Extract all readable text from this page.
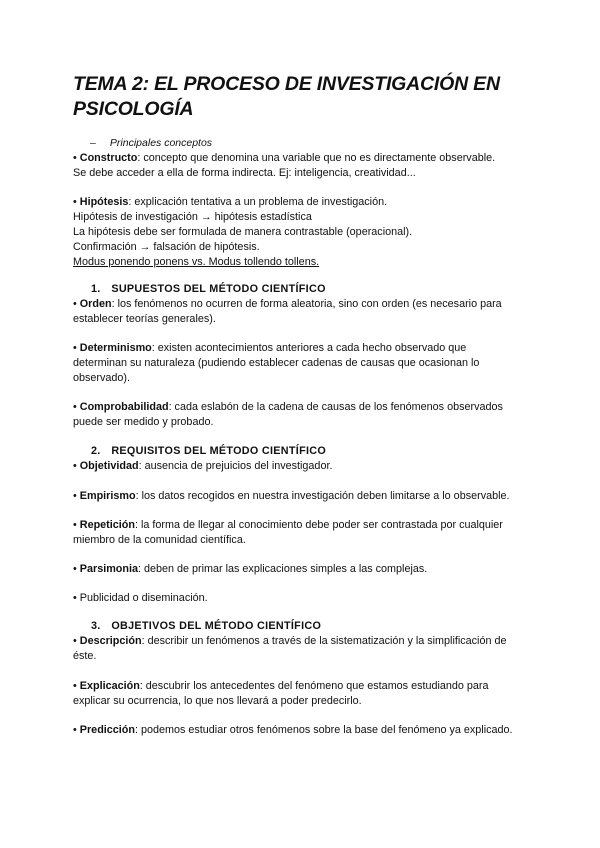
TEMA 2: EL PROCESO DE INVESTIGACIÓN EN
PSICOLOGÍA
– Principales conceptos

• Constructo: concepto que denomina una variable que no es directamente observable.

Se debe acceder a ella de forma indirecta. Ej: inteligencia, creatividad...

• Hipótesis: explicación tentativa a un problema de investigación.

Hipótesis de investigación → hipótesis estadística

La hipótesis debe ser formulada de manera contrastable (operacional).

Confirmación → falsación de hipótesis.

Modus ponendo ponens vs. Modus tollendo tollens.

1. SUPUESTOS DEL MÉTODO CIENTÍFICO

• Orden: los fenómenos no ocurren de forma aleatoria, sino con orden (es necesario para

establecer teorías generales).

• Determinismo: existen acontecimientos anteriores a cada hecho observado que

determinan su naturaleza (pudiendo establecer cadenas de causas que ocasionan lo

observado).

• Comprobabilidad: cada eslabón de la cadena de causas de los fenómenos observados

puede ser medido y probado.

2. REQUISITOS DEL MÉTODO CIENTÍFICO

• Objetividad: ausencia de prejuicios del investigador.

• Empirismo: los datos recogidos en nuestra investigación deben limitarse a lo observable.

• Repetición: la forma de llegar al conocimiento debe poder ser contrastada por cualquier

miembro de la comunidad científica.

• Parsimonia: deben de primar las explicaciones simples a las complejas.

• Publicidad o diseminación.

3. OBJETIVOS DEL MÉTODO CIENTÍFICO

• Descripción: describir un fenómenos a través de la sistematización y la simplificación de

éste.

• Explicación: descubrir los antecedentes del fenómeno que estamos estudiando para

explicar su ocurrencia, lo que nos llevará a poder predecirlo.

• Predicción: podemos estudiar otros fenómenos sobre la base del fenómeno ya explicado.
